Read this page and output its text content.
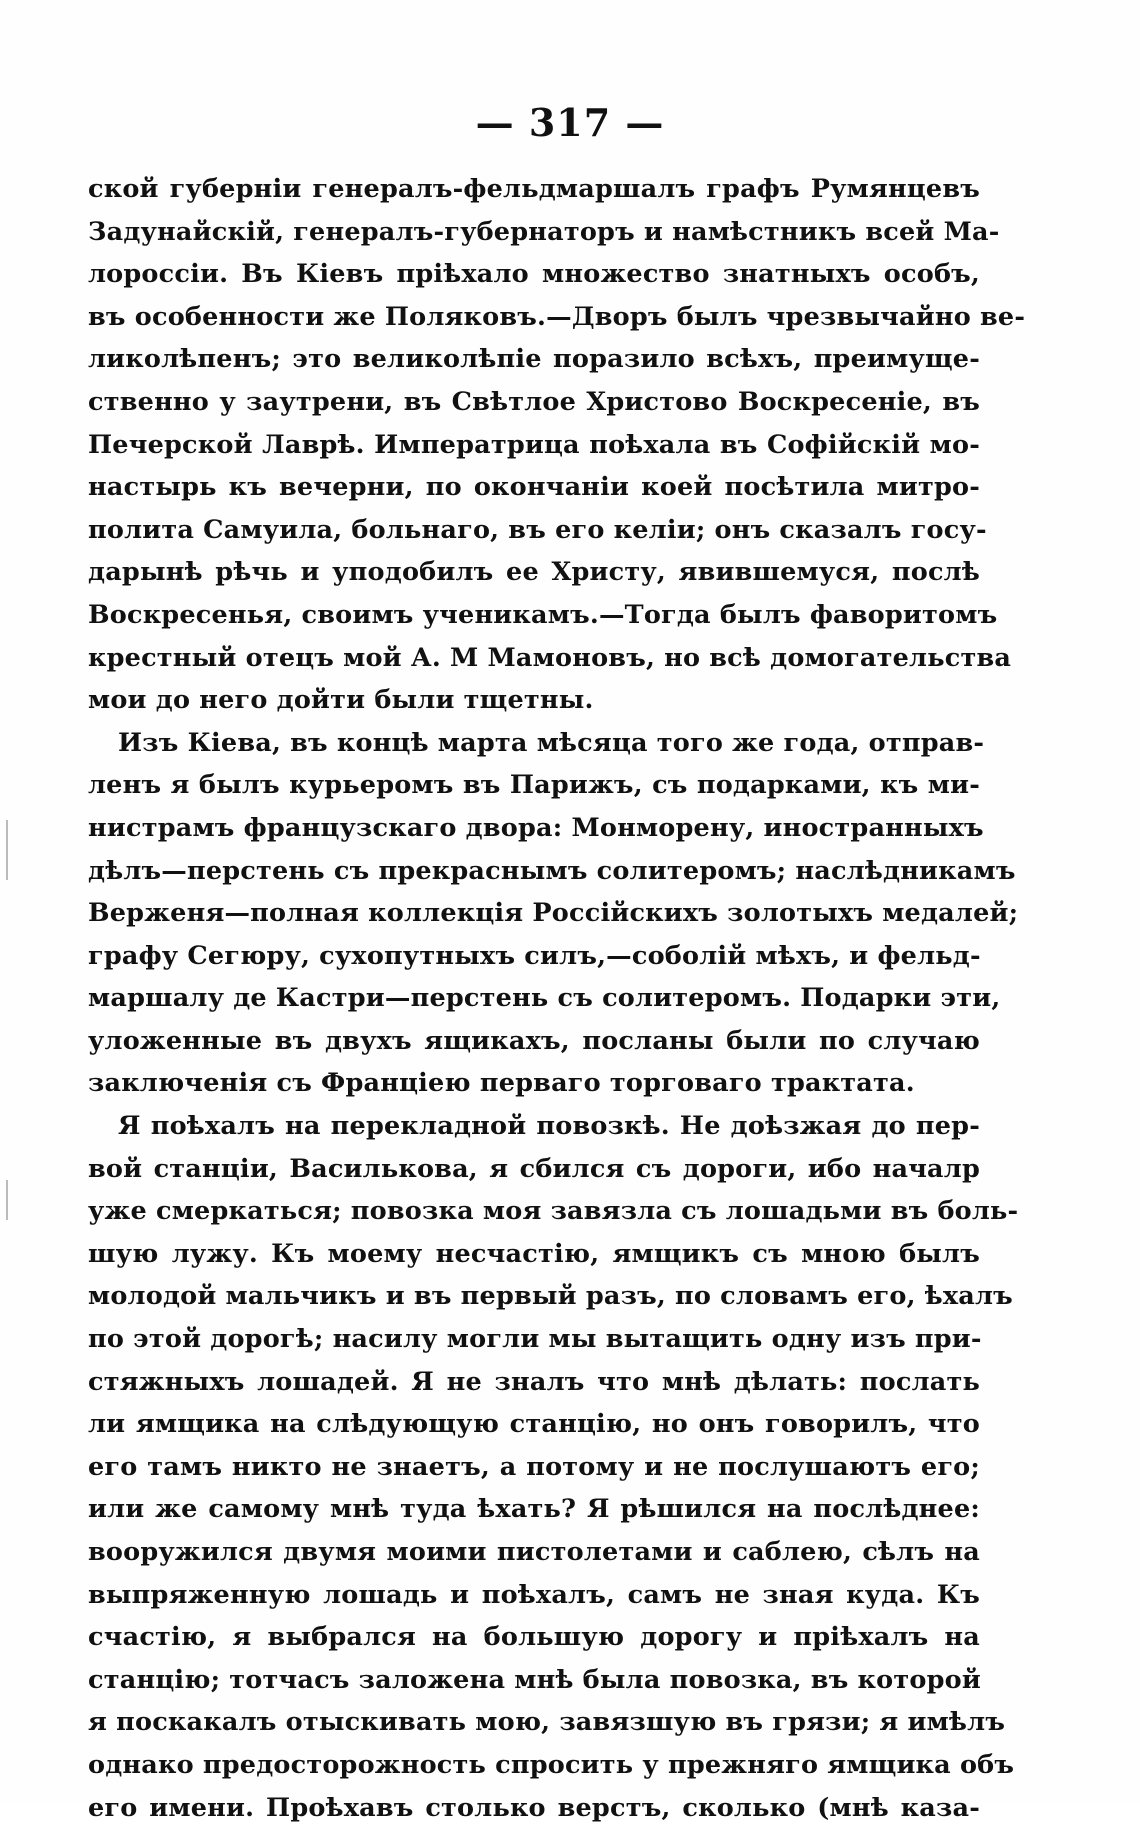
— 317 —
ской губерніи генералъ-фельдмаршалъ графъ Румянцевъ
Задунайскій, генералъ-губернаторъ и намѣстникъ всей Ма-
лороссіи. Въ Кіевъ пріѣхало множество знатныхъ особъ,
въ особенности же Поляковъ.—Дворъ былъ чрезвычайно ве-
ликолѣпенъ; это великолѣпіе поразило всѣхъ, преимуще-
ственно у заутрени, въ Свѣтлое Христово Воскресеніе, въ
Печерской Лаврѣ. Императрица поѣхала въ Софійскій мо-
настырь къ вечерни, по окончаніи коей посѣтила митро-
полита Самуила, больнаго, въ его келіи; онъ сказалъ госу-
дарынѣ рѣчь и уподобилъ ее Христу, явившемуся, послѣ
Воскресенья, своимъ ученикамъ.—Тогда былъ фаворитомъ
крестный отецъ мой А. М Мамоновъ, но всѣ домогательства
мои до него дойти были тщетны.
Изъ Кіева, въ концѣ марта мѣсяца того же года, отправ-
ленъ я былъ курьеромъ въ Парижъ, съ подарками, къ ми-
нистрамъ французскаго двора: Монморену, иностранныхъ
дѣлъ—перстень съ прекраснымъ солитеромъ; наслѣдникамъ
Верженя—полная коллекція Россійскихъ золотыхъ медалей;
графу Сегюру, сухопутныхъ силъ,—соболій мѣхъ, и фельд-
маршалу де Кастри—перстень съ солитеромъ. Подарки эти,
уложенные въ двухъ ящикахъ, посланы были по случаю
заключенія съ Франціею перваго торговаго трактата.
Я поѣхалъ на перекладной повозкѣ. Не доѣзжая до пер-
вой станціи, Василькова, я сбился съ дороги, ибо началр
уже смеркаться; повозка моя завязла съ лошадьми въ боль-
шую лужу. Къ моему несчастію, ямщикъ съ мною былъ
молодой мальчикъ и въ первый разъ, по словамъ его, ѣхалъ
по этой дорогѣ; насилу могли мы вытащить одну изъ при-
стяжныхъ лошадей. Я не зналъ что мнѣ дѣлать: послать
ли ямщика на слѣдующую станцію, но онъ говорилъ, что
его тамъ никто не знаетъ, а потому и не послушаютъ его;
или же самому мнѣ туда ѣхать? Я рѣшился на послѣднее:
вооружился двумя моими пистолетами и саблею, сѣлъ на
выпряженную лошадь и поѣхалъ, самъ не зная куда. Къ
счастію, я выбрался на большую дорогу и пріѣхалъ на
станцію; тотчасъ заложена мнѣ была повозка, въ которой
я поскакалъ отыскивать мою, завязшую въ грязи; я имѣлъ
однако предосторожность спросить у прежняго ямщика объ
его имени. Проѣхавъ столько верстъ, сколько (мнѣ каза-
